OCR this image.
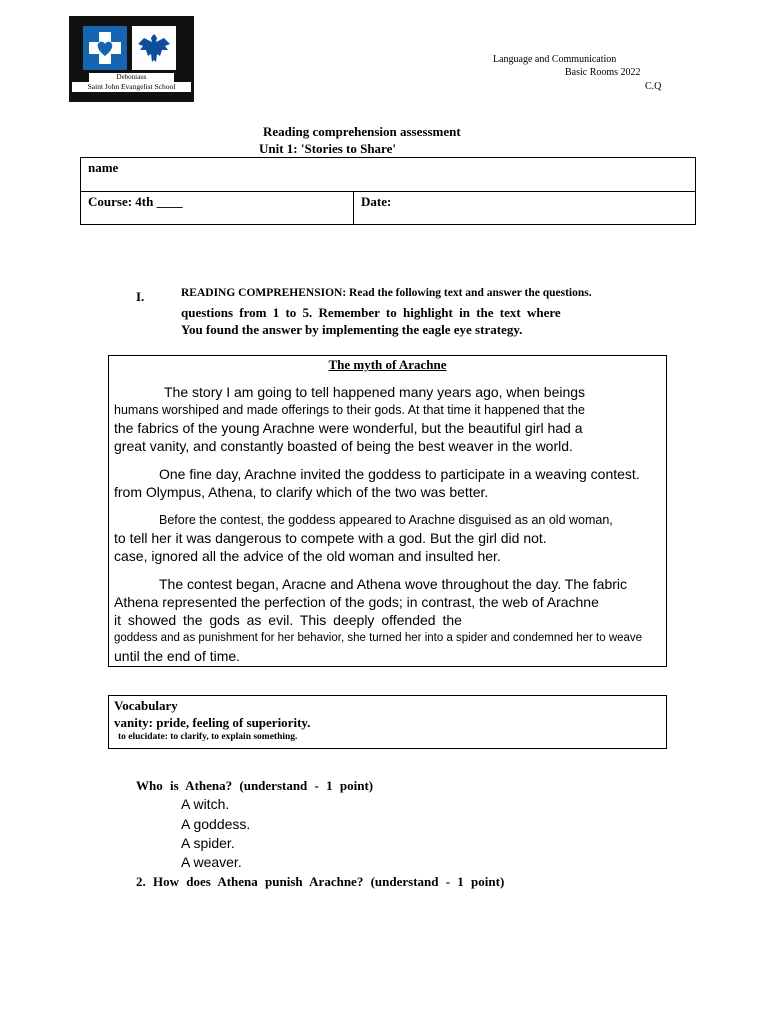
Deboniaus
Saint John Evangelist School
Language and Communication
Basic Rooms 2022
C.Q
Reading comprehension assessment
Unit 1: 'Stories to Share'
name
Course: 4th ____	Date:
I.	READING COMPREHENSION: Read the following text and answer the questions.
questions from 1 to 5. Remember to highlight in the text where
You found the answer by implementing the eagle eye strategy.
The myth of Arachne
The story I am going to tell happened many years ago, when beings
humans worshiped and made offerings to their gods. At that time it happened that the
the fabrics of the young Arachne were wonderful, but the beautiful girl had a
great vanity, and constantly boasted of being the best weaver in the world.
One fine day, Arachne invited the goddess to participate in a weaving contest.
from Olympus, Athena, to clarify which of the two was better.
Before the contest, the goddess appeared to Arachne disguised as an old woman,
to tell her it was dangerous to compete with a god. But the girl did not.
case, ignored all the advice of the old woman and insulted her.
The contest began, Aracne and Athena wove throughout the day. The fabric
Athena represented the perfection of the gods; in contrast, the web of Arachne
it showed the gods as evil. This deeply offended the
goddess and as punishment for her behavior, she turned her into a spider and condemned her to weave
until the end of time.
Vocabulary
vanity: pride, feeling of superiority.
to elucidate: to clarify, to explain something.
Who is Athena? (understand - 1 point)
A witch.
A goddess.
A spider.
A weaver.
2. How does Athena punish Arachne? (understand - 1 point)
